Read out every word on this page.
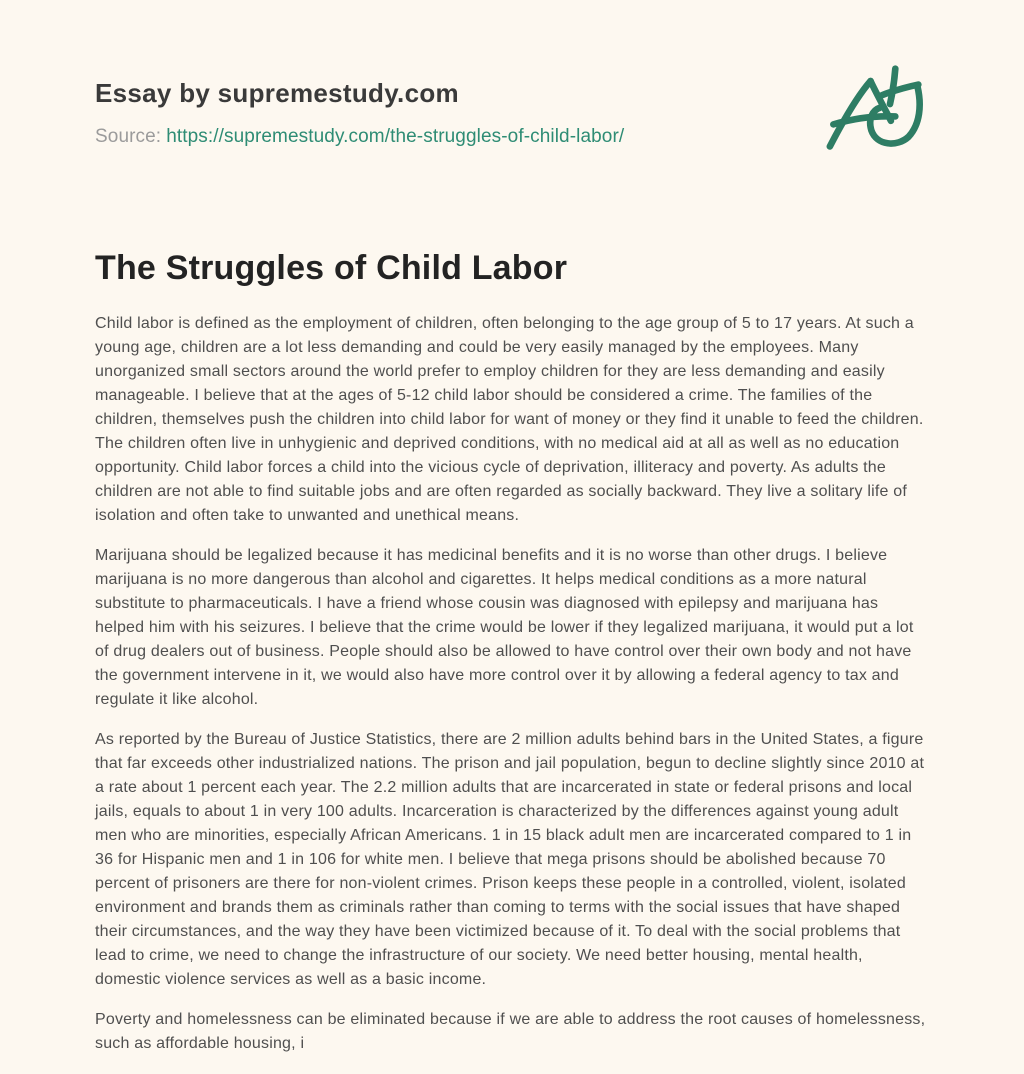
Essay by supremestudy.com
Source: https://supremestudy.com/the-struggles-of-child-labor/
The Struggles of Child Labor

Child labor is defined as the employment of children, often belonging to the age group of 5 to 17 years. At such a young age, children are a lot less demanding and could be very easily managed by the employees. Many unorganized small sectors around the world prefer to employ children for they are less demanding and easily manageable. I believe that at the ages of 5-12 child labor should be considered a crime. The families of the children, themselves push the children into child labor for want of money or they find it unable to feed the children. The children often live in unhygienic and deprived conditions, with no medical aid at all as well as no education opportunity. Child labor forces a child into the vicious cycle of deprivation, illiteracy and poverty. As adults the children are not able to find suitable jobs and are often regarded as socially backward. They live a solitary life of isolation and often take to unwanted and unethical means.

Marijuana should be legalized because it has medicinal benefits and it is no worse than other drugs. I believe marijuana is no more dangerous than alcohol and cigarettes. It helps medical conditions as a more natural substitute to pharmaceuticals. I have a friend whose cousin was diagnosed with epilepsy and marijuana has helped him with his seizures. I believe that the crime would be lower if they legalized marijuana, it would put a lot of drug dealers out of business. People should also be allowed to have control over their own body and not have the government intervene in it, we would also have more control over it by allowing a federal agency to tax and regulate it like alcohol.

As reported by the Bureau of Justice Statistics, there are 2 million adults behind bars in the United States, a figure that far exceeds other industrialized nations. The prison and jail population, begun to decline slightly since 2010 at a rate about 1 percent each year. The 2.2 million adults that are incarcerated in state or federal prisons and local jails, equals to about 1 in very 100 adults. Incarceration is characterized by the differences against young adult men who are minorities, especially African Americans. 1 in 15 black adult men are incarcerated compared to 1 in 36 for Hispanic men and 1 in 106 for white men. I believe that mega prisons should be abolished because 70 percent of prisoners are there for non-violent crimes. Prison keeps these people in a controlled, violent, isolated environment and brands them as criminals rather than coming to terms with the social issues that have shaped their circumstances, and the way they have been victimized because of it. To deal with the social problems that lead to crime, we need to change the infrastructure of our society. We need better housing, mental health, domestic violence services as well as a basic income.

Poverty and homelessness can be eliminated because if we are able to address the root causes of homelessness, such as affordable housing, i
